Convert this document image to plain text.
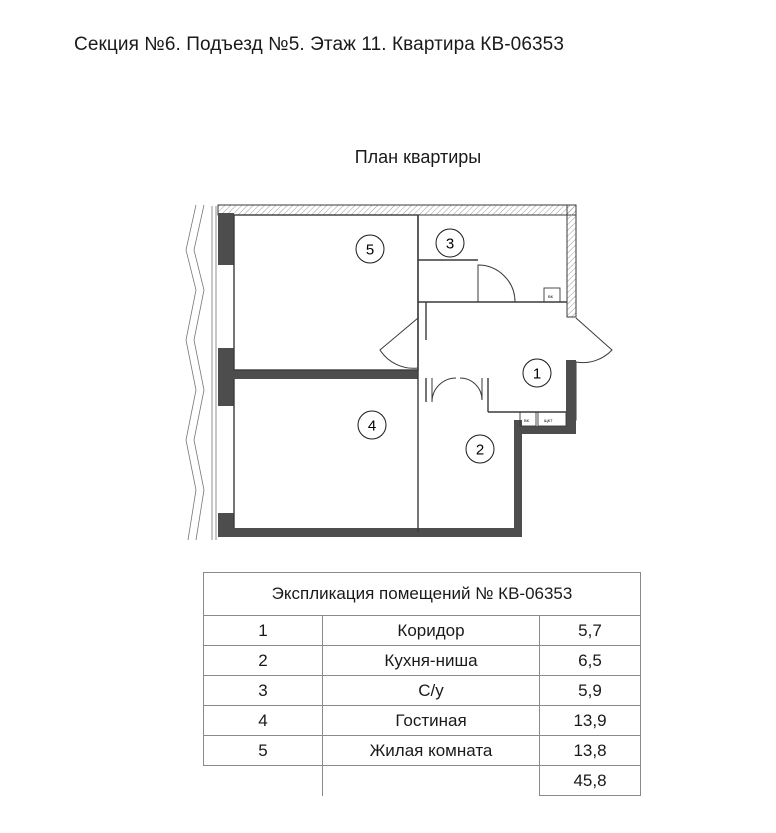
Секция №6. Подъезд №5. Этаж 11. Квартира КВ-06353
План квартиры
ВК
ВК	ЩКТ
1
2
3
4
5
Экспликация помещений № КВ-06353		
1	Коридор	5,7
2	Кухня-ниша	6,5
3	С/у	5,9
4	Гостиная	13,9
5	Жилая комната	13,8
		45,8
